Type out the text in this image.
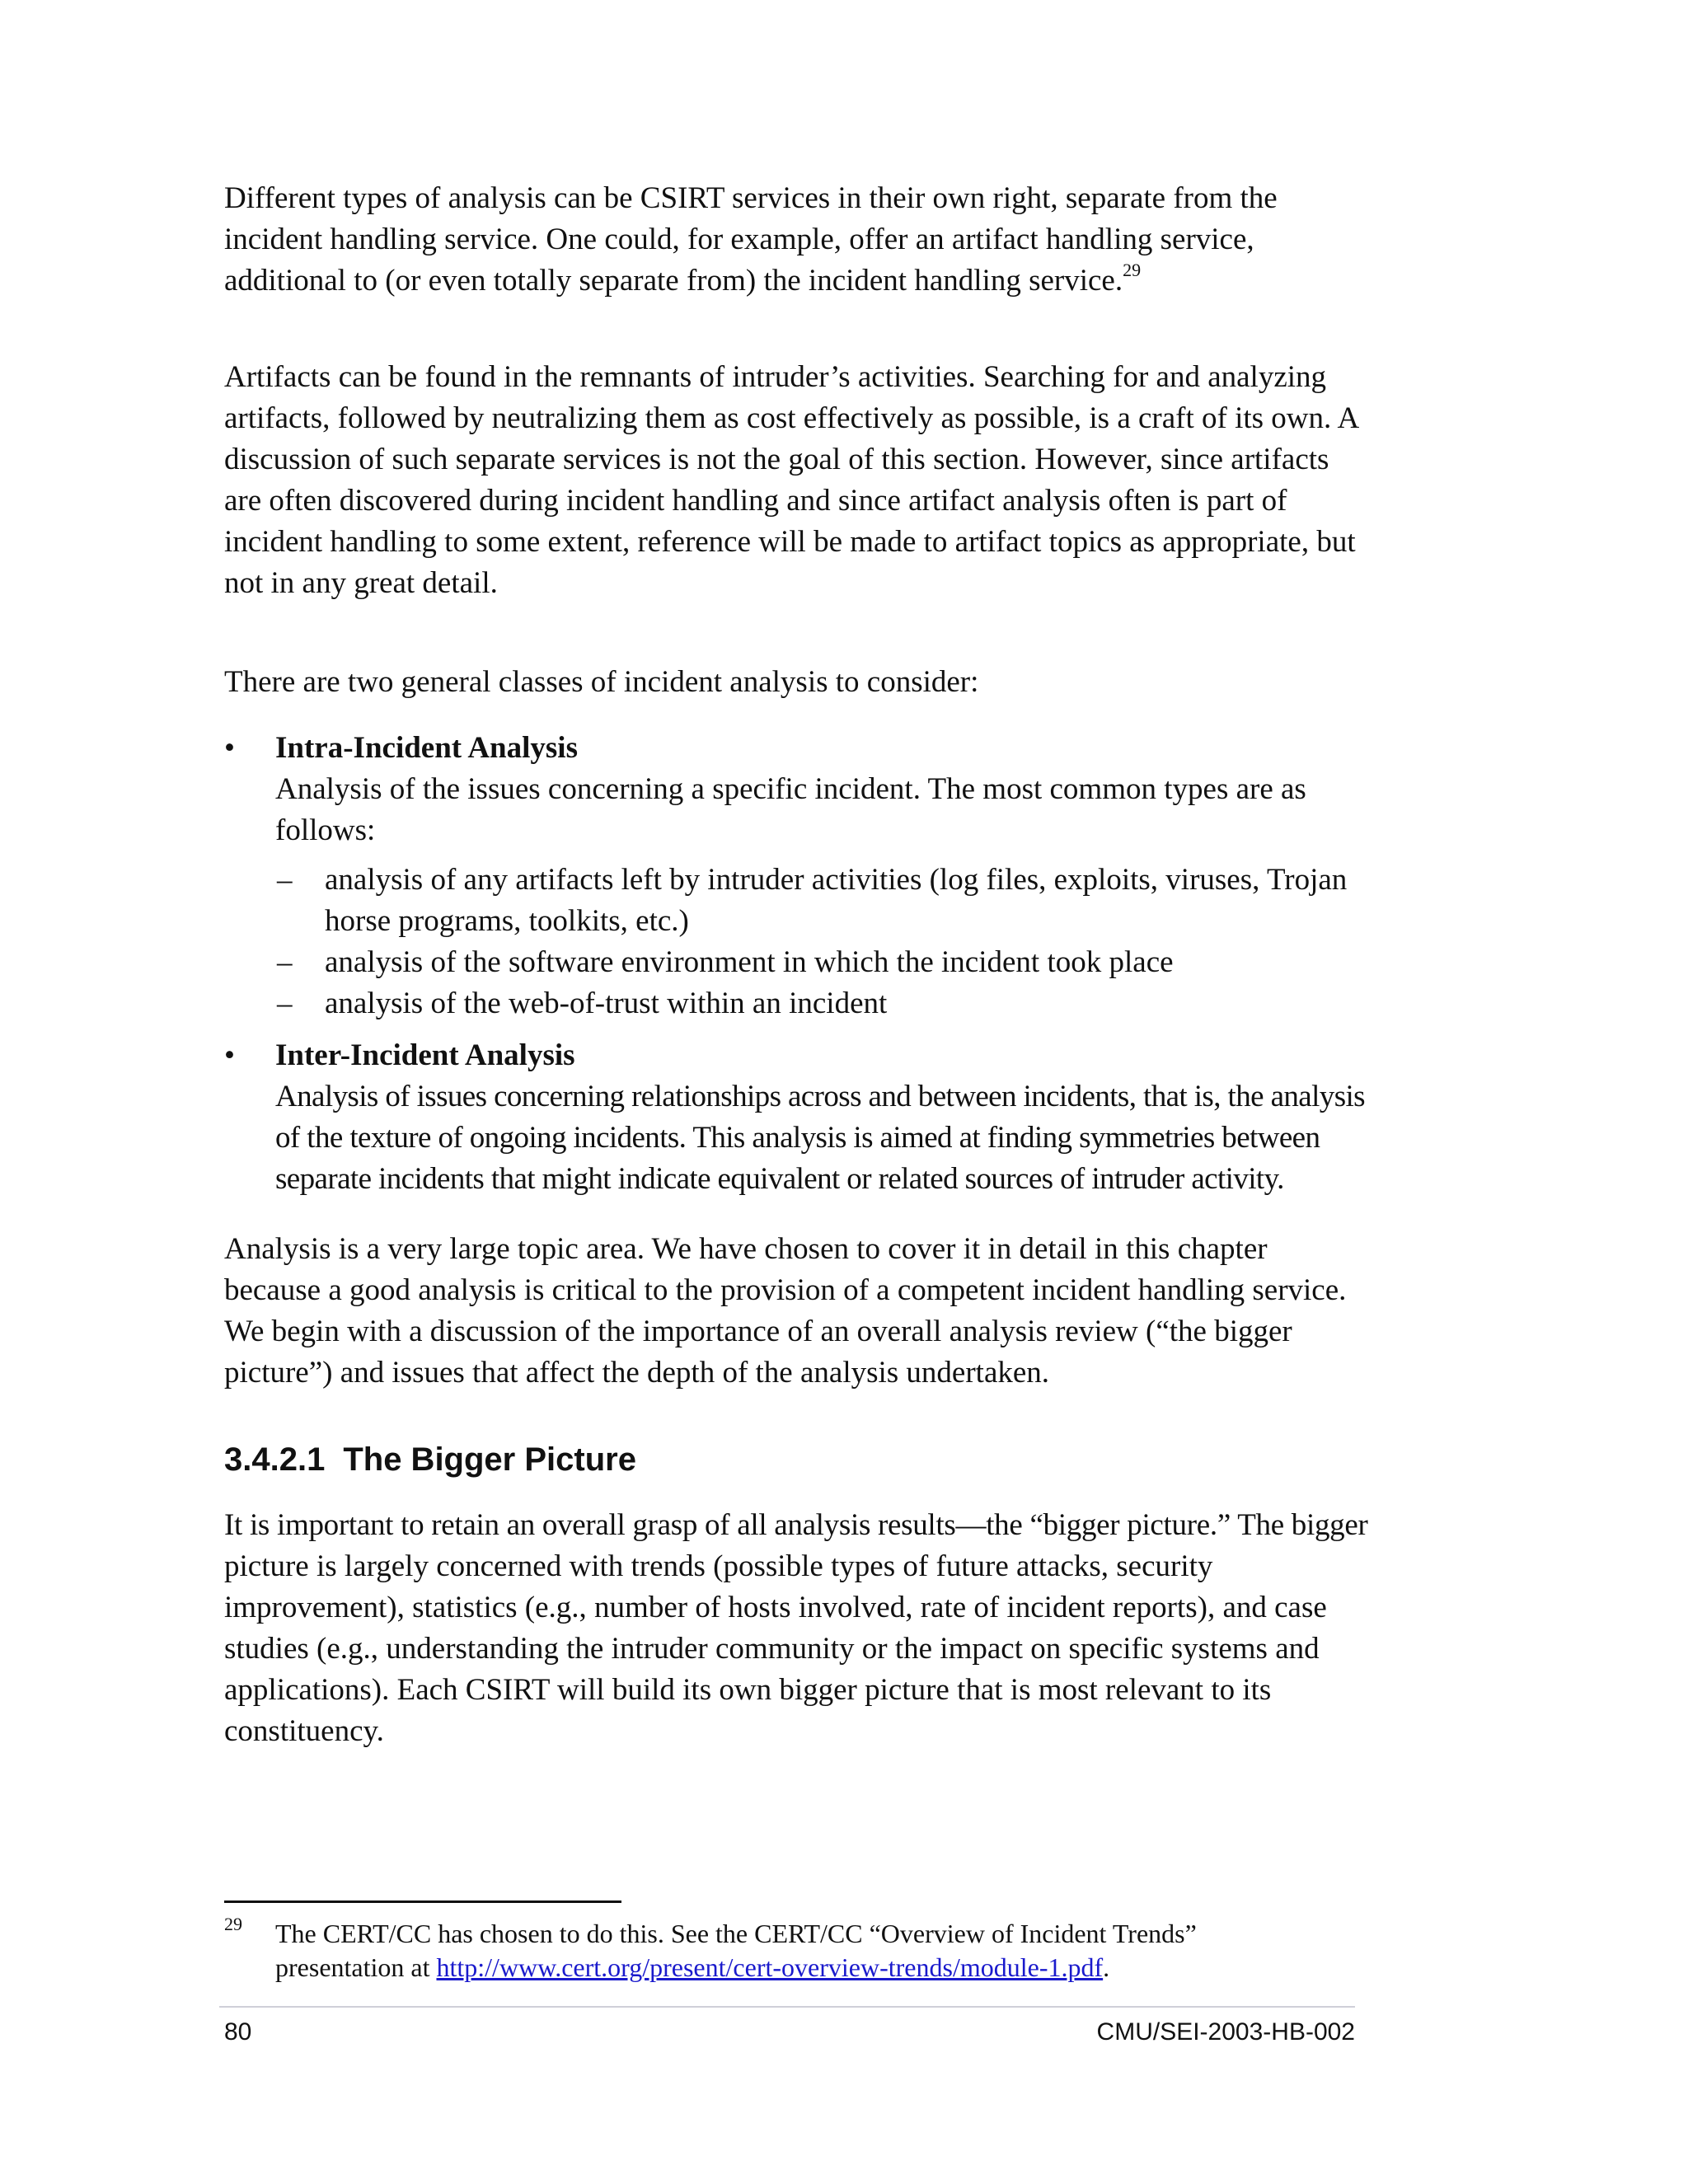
Different types of analysis can be CSIRT services in their own right, separate from the
incident handling service. One could, for example, offer an artifact handling service,
additional to (or even totally separate from) the incident handling service.$^{29}$
Artifacts can be found in the remnants of intruder’s activities. Searching for and analyzing
artifacts, followed by neutralizing them as cost effectively as possible, is a craft of its own. A
discussion of such separate services is not the goal of this section. However, since artifacts
are often discovered during incident handling and since artifact analysis often is part of
incident handling to some extent, reference will be made to artifact topics as appropriate, but
not in any great detail.
There are two general classes of incident analysis to consider:
• Intra-Incident Analysis
Analysis of the issues concerning a specific incident. The most common types are as
follows:
– analysis of any artifacts left by intruder activities (log files, exploits, viruses, Trojan
horse programs, toolkits, etc.)
– analysis of the software environment in which the incident took place
– analysis of the web-of-trust within an incident
• Inter-Incident Analysis
Analysis of issues concerning relationships across and between incidents, that is, the analysis
of the texture of ongoing incidents. This analysis is aimed at finding symmetries between
separate incidents that might indicate equivalent or related sources of intruder activity.
Analysis is a very large topic area. We have chosen to cover it in detail in this chapter
because a good analysis is critical to the provision of a competent incident handling service.
We begin with a discussion of the importance of an overall analysis review (“the bigger
picture”) and issues that affect the depth of the analysis undertaken.
3.4.2.1 The Bigger Picture
It is important to retain an overall grasp of all analysis results—the “bigger picture.” The bigger
picture is largely concerned with trends (possible types of future attacks, security
improvement), statistics (e.g., number of hosts involved, rate of incident reports), and case
studies (e.g., understanding the intruder community or the impact on specific systems and
applications). Each CSIRT will build its own bigger picture that is most relevant to its
constituency.
29 The CERT/CC has chosen to do this. See the CERT/CC “Overview of Incident Trends”
presentation at http://www.cert.org/present/cert-overview-trends/module-1.pdf.
80	CMU/SEI-2003-HB-002
